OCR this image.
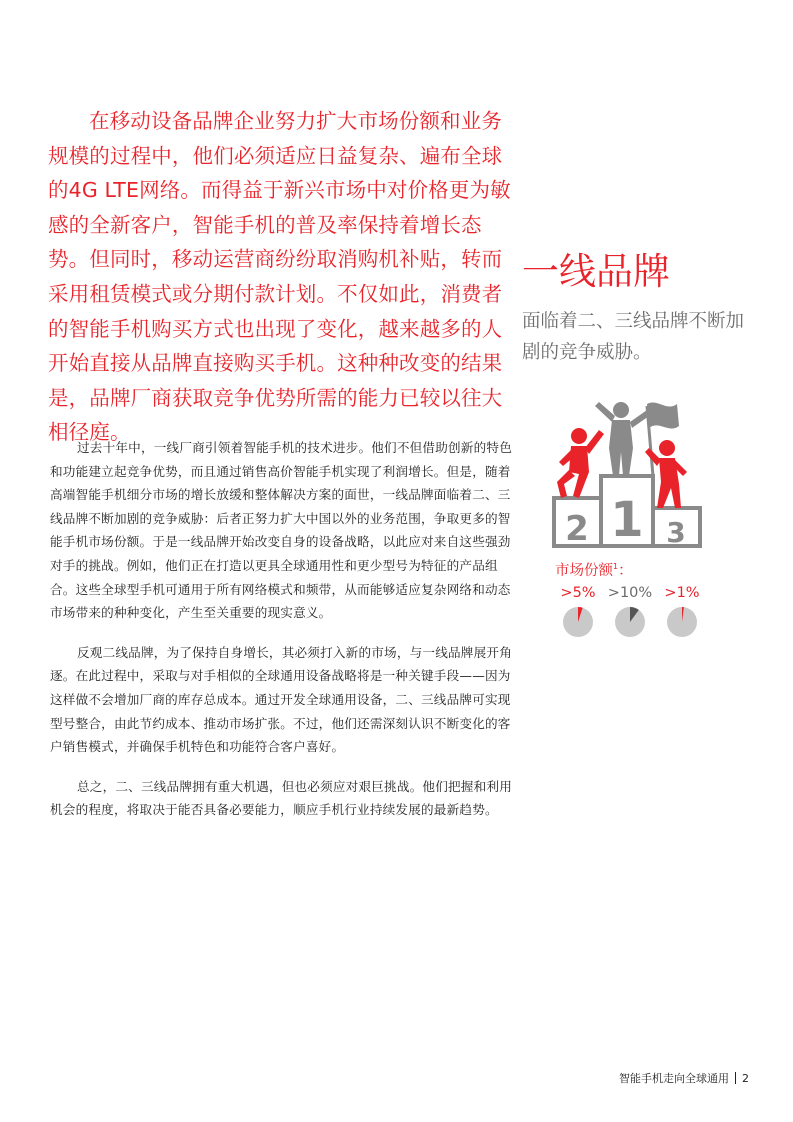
在移动设备品牌企业努力扩大市场份额和业务规模的过程中，他们必须适应日益复杂、遍布全球的4G LTE网络。而得益于新兴市场中对价格更为敏感的全新客户，智能手机的普及率保持着增长态势。但同时，移动运营商纷纷取消购机补贴，转而采用租赁模式或分期付款计划。不仅如此，消费者的智能手机购买方式也出现了变化，越来越多的人开始直接从品牌直接购买手机。这种种改变的结果是，品牌厂商获取竞争优势所需的能力已较以往大相径庭。

过去十年中，一线厂商引领着智能手机的技术进步。他们不但借助创新的特色和功能建立起竞争优势，而且通过销售高价智能手机实现了利润增长。但是，随着高端智能手机细分市场的增长放缓和整体解决方案的面世，一线品牌面临着二、三线品牌不断加剧的竞争威胁：后者正努力扩大中国以外的业务范围，争取更多的智能手机市场份额。于是一线品牌开始改变自身的设备战略，以此应对来自这些强劲对手的挑战。例如，他们正在打造以更具全球通用性和更少型号为特征的产品组合。这些全球型手机可通用于所有网络模式和频带，从而能够适应复杂网络和动态市场带来的种种变化，产生至关重要的现实意义。

反观二线品牌，为了保持自身增长，其必须打入新的市场，与一线品牌展开角逐。在此过程中，采取与对手相似的全球通用设备战略将是一种关键手段——因为这样做不会增加厂商的库存总成本。通过开发全球通用设备，二、三线品牌可实现型号整合，由此节约成本、推动市场扩张。不过，他们还需深刻认识不断变化的客户销售模式，并确保手机特色和功能符合客户喜好。

总之，二、三线品牌拥有重大机遇，但也必须应对艰巨挑战。他们把握和利用机会的程度，将取决于能否具备必要能力，顺应手机行业持续发展的最新趋势。

一线品牌

面临着二、三线品牌不断加剧的竞争威胁。

2 1 3
市场份额$^1$：
>5% >10% >1%
智能手机走向全球通用 2
